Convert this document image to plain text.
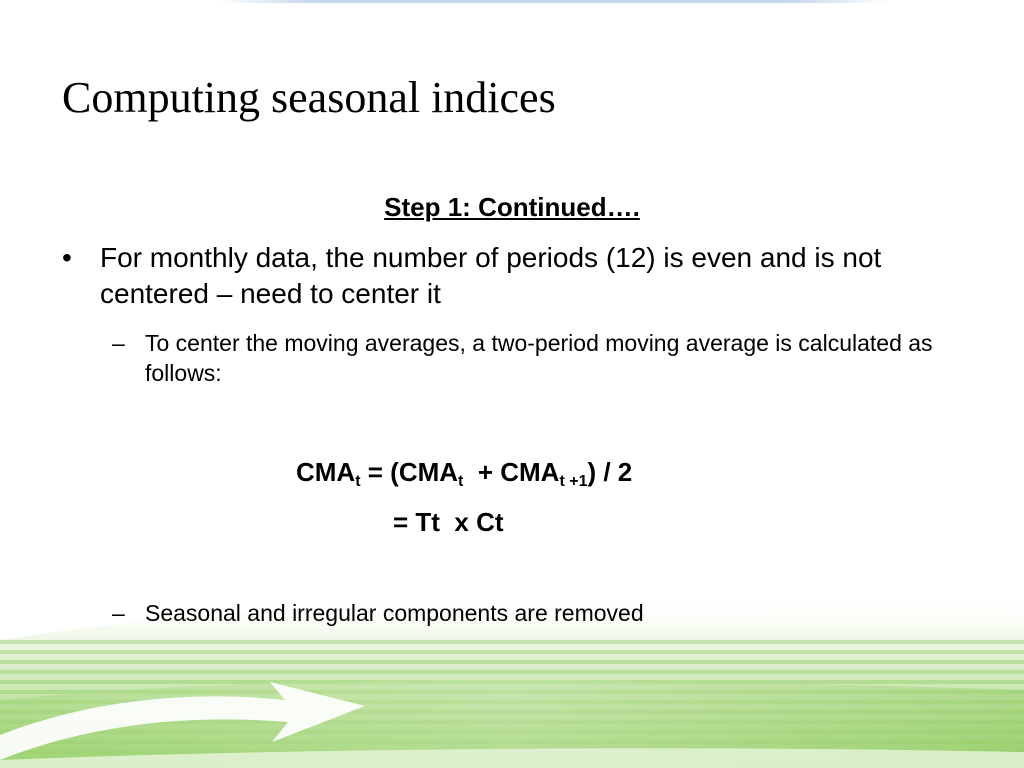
Computing seasonal indices
Step 1: Continued….
• For monthly data, the number of periods (12) is even and is not centered – need to center it
– To center the moving averages, a two-period moving average is calculated as follows:
$CMA_t = (CMA_t + CMA_{t +1}) / 2$
= Tt  x Ct
– Seasonal and irregular components are removed
